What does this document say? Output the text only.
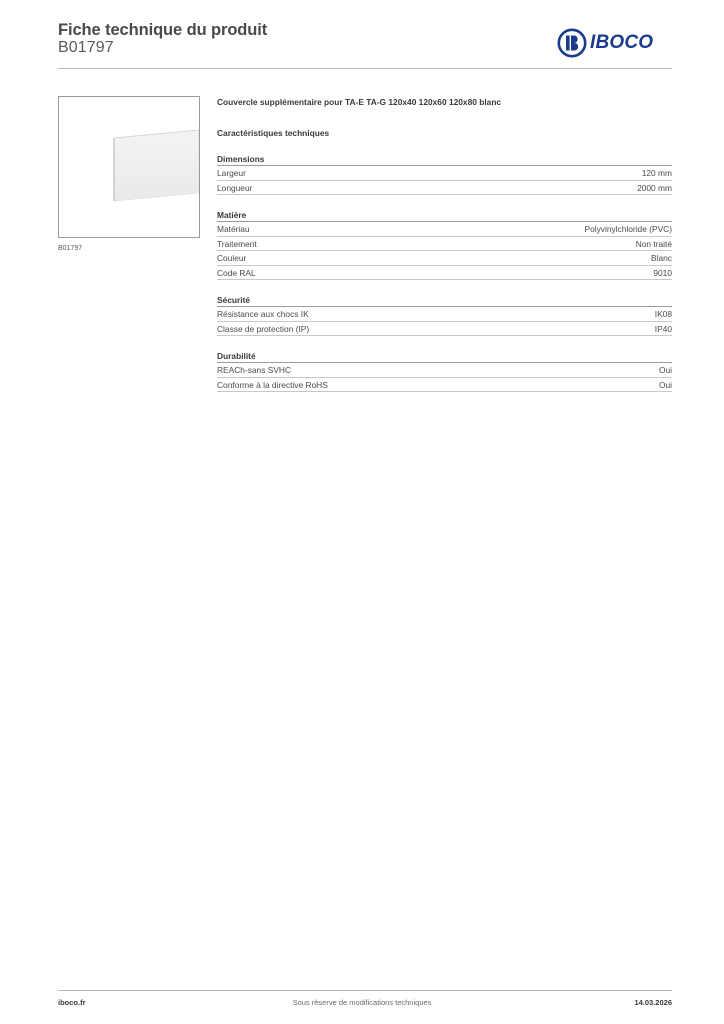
Fiche technique du produit
B01797	IBOCO
B01797
Couvercle supplémentaire pour TA-E TA-G 120x40 120x60 120x80 blanc
Caractéristiques techniques
Dimensions
Largeur	120 mm
Longueur	2000 mm
Matière
Matériau	Polyvinylchloride (PVC)
Traitement	Non traité
Couleur	Blanc
Code RAL	9010
Sécurité
Résistance aux chocs IK	IK08
Classe de protection (IP)	IP40
Durabilité
REACh-sans SVHC	Oui
Conforme à la directive RoHS	Oui
iboco.fr	Sous réserve de modifications techniques	14.03.2026
